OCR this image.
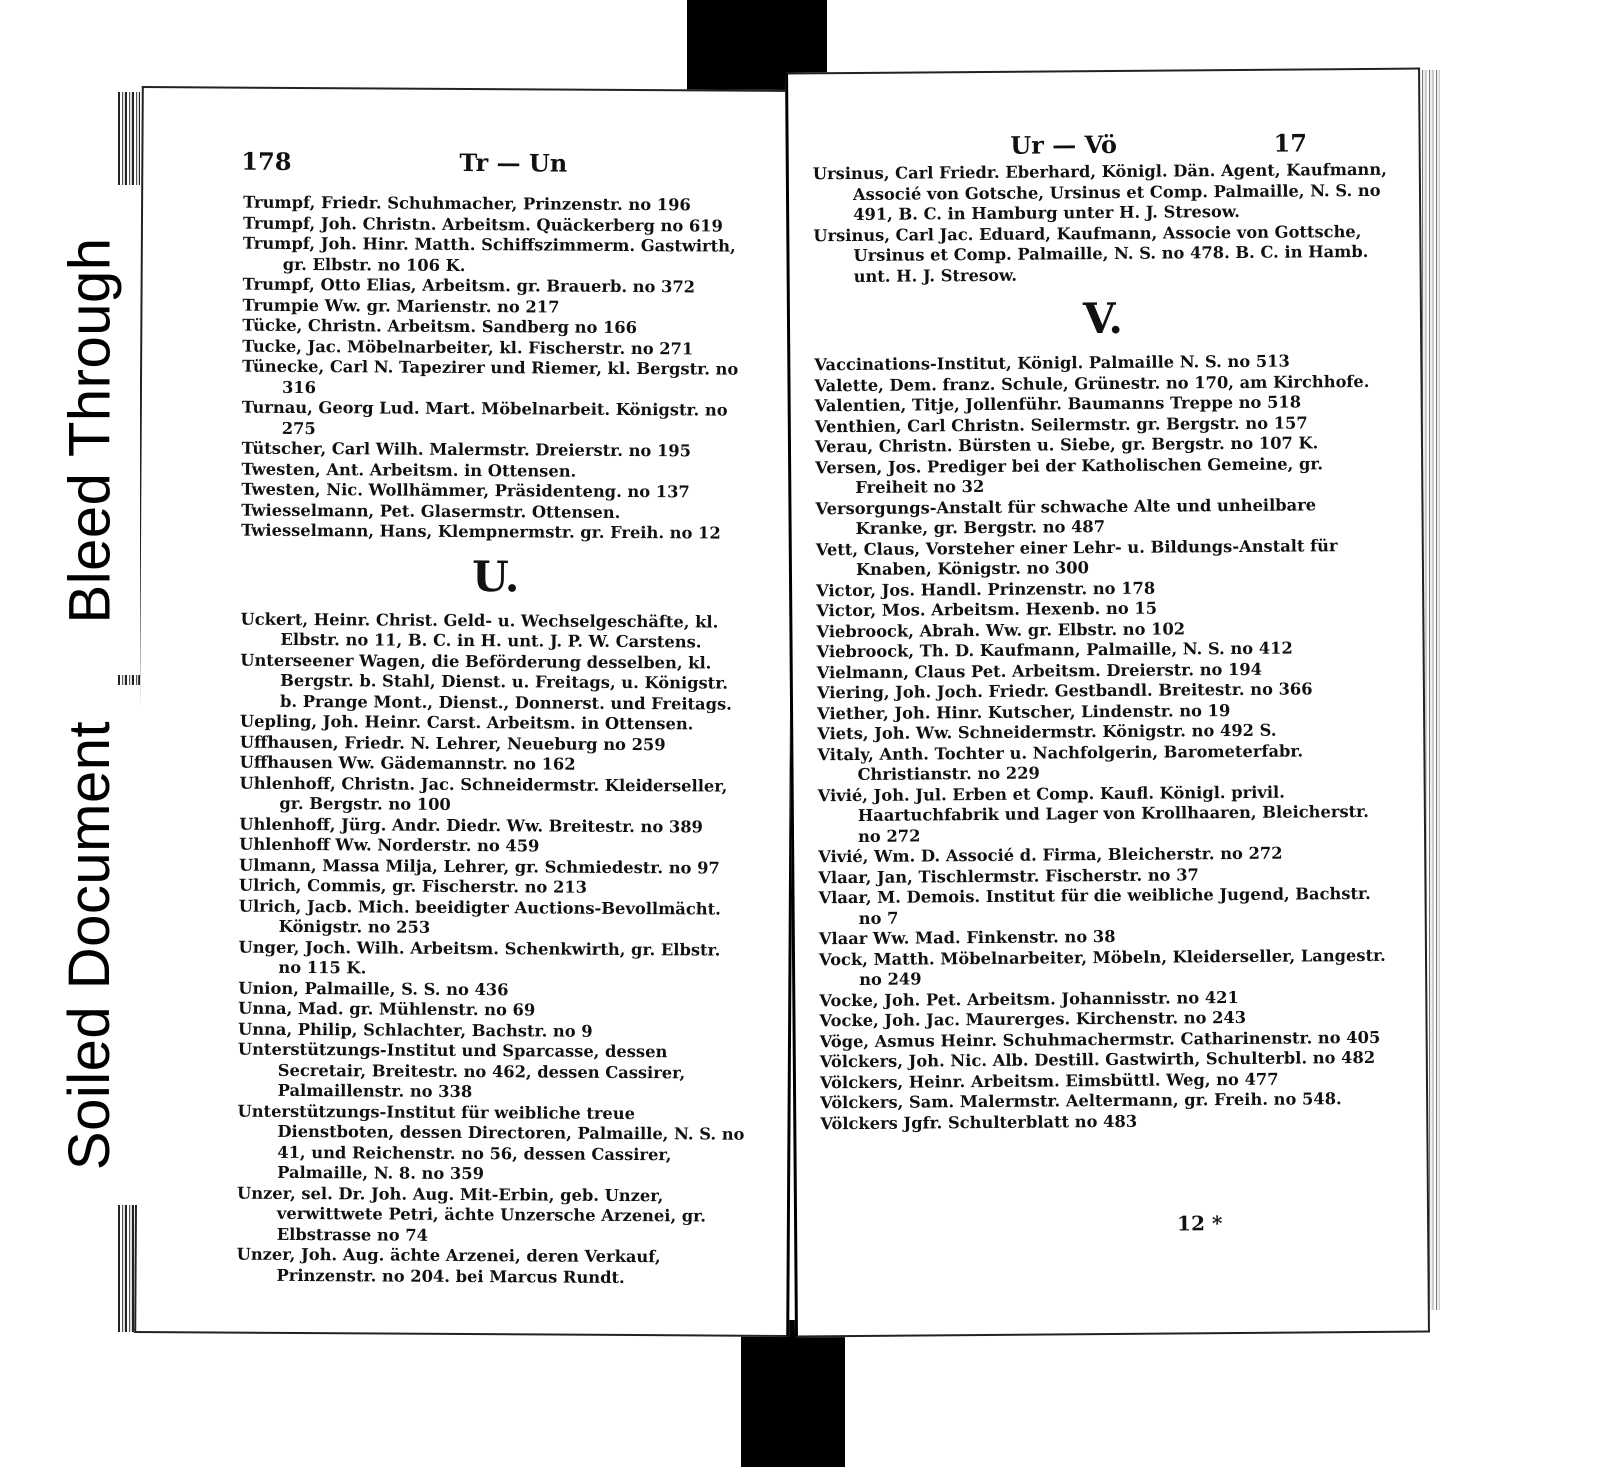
178	Tr — Un
Trumpf, Friedr. Schuhmacher, Prinzenstr. no 196
Trumpf, Joh. Christn. Arbeitsm. Quäckerberg no 619
Trumpf, Joh. Hinr. Matth. Schiffszimmerm. Gastwirth, gr. Elbstr. no 106 K.
Trumpf, Otto Elias, Arbeitsm. gr. Brauerb. no 372
Trumpie Ww. gr. Marienstr. no 217
Tücke, Christn. Arbeitsm. Sandberg no 166
Tucke, Jac. Möbelnarbeiter, kl. Fischerstr. no 271
Tünecke, Carl N. Tapezirer und Riemer, kl. Bergstr. no 316
Turnau, Georg Lud. Mart. Möbelnarbeit. Königstr. no 275
Tütscher, Carl Wilh. Malermstr. Dreierstr. no 195
Twesten, Ant. Arbeitsm. in Ottensen.
Twesten, Nic. Wollhämmer, Präsidenteng. no 137
Twiesselmann, Pet. Glasermstr. Ottensen.
Twiesselmann, Hans, Klempnermstr. gr. Freih. no 12
U.
Uckert, Heinr. Christ. Geld- u. Wechselgeschäfte, kl. Elbstr. no 11, B. C. in H. unt. J. P. W. Carstens.
Unterseener Wagen, die Beförderung desselben, kl. Bergstr. b. Stahl, Dienst. u. Freitags, u. Königstr. b. Prange Mont., Dienst., Donnerst. und Freitags.
Uepling, Joh. Heinr. Carst. Arbeitsm. in Ottensen.
Uffhausen, Friedr. N. Lehrer, Neueburg no 259
Uffhausen Ww. Gädemannstr. no 162
Uhlenhoff, Christn. Jac. Schneidermstr. Kleiderseller, gr. Bergstr. no 100
Uhlenhoff, Jürg. Andr. Diedr. Ww. Breitestr. no 389
Uhlenhoff Ww. Norderstr. no 459
Ulmann, Massa Milja, Lehrer, gr. Schmiedestr. no 97
Ulrich, Commis, gr. Fischerstr. no 213
Ulrich, Jacb. Mich. beeidigter Auctions-Bevollmächt. Königstr. no 253
Unger, Joch. Wilh. Arbeitsm. Schenkwirth, gr. Elbstr. no 115 K.
Union, Palmaille, S. S. no 436
Unna, Mad. gr. Mühlenstr. no 69
Unna, Philip, Schlachter, Bachstr. no 9
Unterstützungs-Institut und Sparcasse, dessen Secretair, Breitestr. no 462, dessen Cassirer, Palmaillenstr. no 338
Unterstützungs-Institut für weibliche treue Dienstboten, dessen Directoren, Palmaille, N. S. no 41, und Reichenstr. no 56, dessen Cassirer, Palmaille, N. 8. no 359
Unzer, sel. Dr. Joh. Aug. Mit-Erbin, geb. Unzer, verwittwete Petri, ächte Unzersche Arzenei, gr. Elbstrasse no 74
Unzer, Joh. Aug. ächte Arzenei, deren Verkauf, Prinzenstr. no 204. bei Marcus Rundt.
Ur — Vö	17
Ursinus, Carl Friedr. Eberhard, Königl. Dän. Agent, Kaufmann, Associé von Gotsche, Ursinus et Comp. Palmaille, N. S. no 491, B. C. in Hamburg unter H. J. Stresow.
Ursinus, Carl Jac. Eduard, Kaufmann, Associe von Gottsche, Ursinus et Comp. Palmaille, N. S. no 478. B. C. in Hamb. unt. H. J. Stresow.
V.
Vaccinations-Institut, Königl. Palmaille N. S. no 513
Valette, Dem. franz. Schule, Grünestr. no 170, am Kirchhofe.
Valentien, Titje, Jollenführ. Baumanns Treppe no 518
Venthien, Carl Christn. Seilermstr. gr. Bergstr. no 157
Verau, Christn. Bürsten u. Siebe, gr. Bergstr. no 107 K.
Versen, Jos. Prediger bei der Katholischen Gemeine, gr. Freiheit no 32
Versorgungs-Anstalt für schwache Alte und unheilbare Kranke, gr. Bergstr. no 487
Vett, Claus, Vorsteher einer Lehr- u. Bildungs-Anstalt für Knaben, Königstr. no 300
Victor, Jos. Handl. Prinzenstr. no 178
Victor, Mos. Arbeitsm. Hexenb. no 15
Viebroock, Abrah. Ww. gr. Elbstr. no 102
Viebroock, Th. D. Kaufmann, Palmaille, N. S. no 412
Vielmann, Claus Pet. Arbeitsm. Dreierstr. no 194
Viering, Joh. Joch. Friedr. Gestbandl. Breitestr. no 366
Viether, Joh. Hinr. Kutscher, Lindenstr. no 19
Viets, Joh. Ww. Schneidermstr. Königstr. no 492 S.
Vitaly, Anth. Tochter u. Nachfolgerin, Barometerfabr. Christianstr. no 229
Vivié, Joh. Jul. Erben et Comp. Kaufl. Königl. privil. Haartuchfabrik und Lager von Krollhaaren, Bleicherstr. no 272
Vivié, Wm. D. Associé d. Firma, Bleicherstr. no 272
Vlaar, Jan, Tischlermstr. Fischerstr. no 37
Vlaar, M. Demois. Institut für die weibliche Jugend, Bachstr. no 7
Vlaar Ww. Mad. Finkenstr. no 38
Vock, Matth. Möbelnarbeiter, Möbeln, Kleiderseller, Langestr. no 249
Vocke, Joh. Pet. Arbeitsm. Johannisstr. no 421
Vocke, Joh. Jac. Maurerges. Kirchenstr. no 243
Vöge, Asmus Heinr. Schuhmachermstr. Catharinenstr. no 405
Völckers, Joh. Nic. Alb. Destill. Gastwirth, Schulterbl. no 482
Völckers, Heinr. Arbeitsm. Eimsbüttl. Weg, no 477
Völckers, Sam. Malermstr. Aeltermann, gr. Freih. no 548.
Völckers Jgfr. Schulterblatt no 483
12 *
Bleed Through
Soiled Document
